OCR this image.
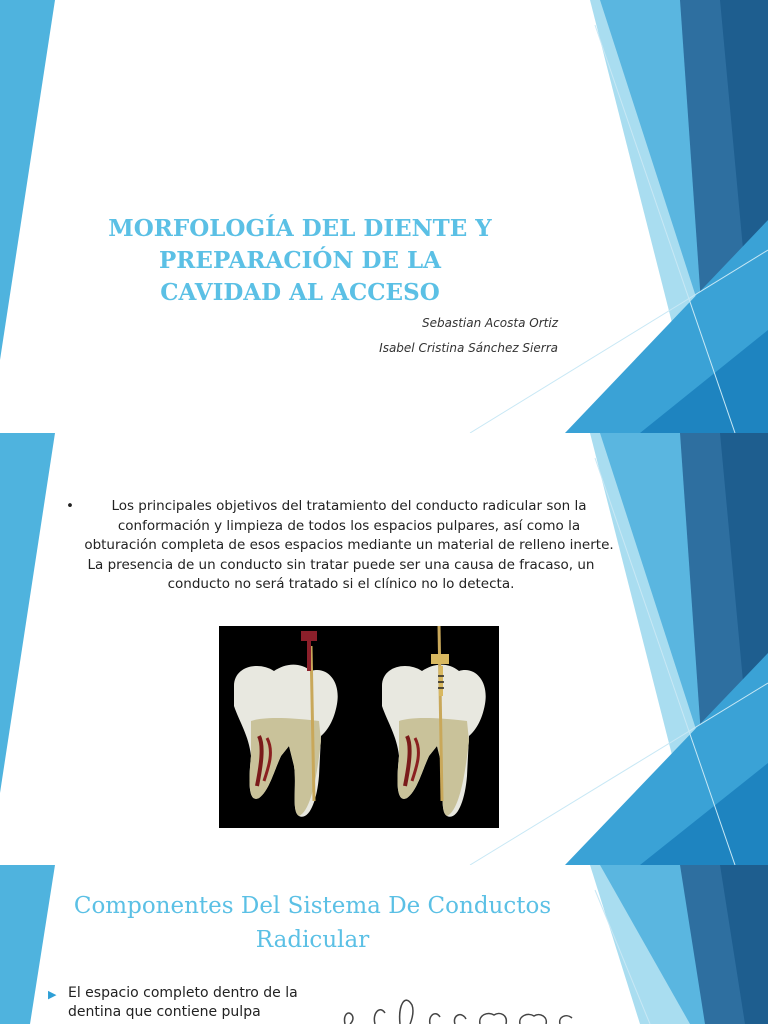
MORFOLOGÍA DEL DIENTE Y PREPARACIÓN DE LA CAVIDAD AL ACCESO
Sebastian Acosta Ortiz
Isabel Cristina Sánchez Sierra
•	Los principales objetivos del tratamiento del conducto radicular son la conformación y limpieza de todos los espacios pulpares, así como la obturación completa de esos espacios mediante un material de relleno inerte.

La presencia de un conducto sin tratar puede ser una causa de fracaso, un conducto no será tratado si el clínico no lo detecta.

Componentes Del Sistema De Conductos Radicular
▶ El espacio completo dentro de la dentina que contiene pulpa
